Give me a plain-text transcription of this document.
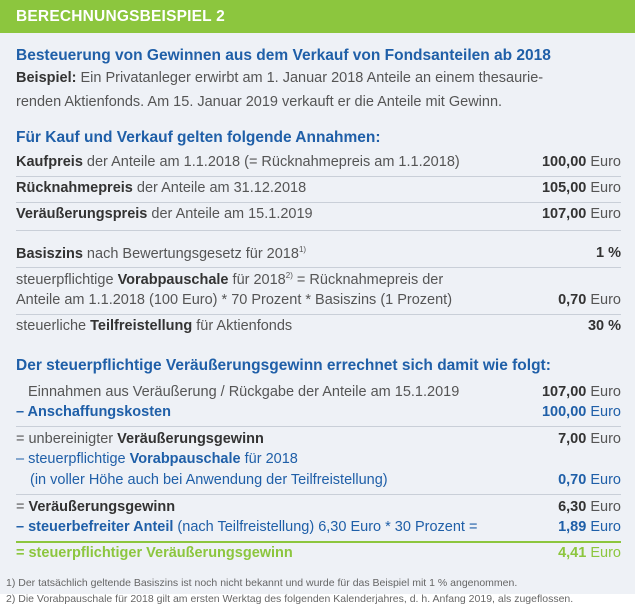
BERECHNUNGSBEISPIEL 2
Besteuerung von Gewinnen aus dem Verkauf von Fondsanteilen ab 2018
Beispiel: Ein Privatanleger erwirbt am 1. Januar 2018 Anteile an einem thesaurie-
renden Aktienfonds. Am 15. Januar 2019 verkauft er die Anteile mit Gewinn.
Für Kauf und Verkauf gelten folgende Annahmen:
Kaufpreis der Anteile am 1.1.2018 (= Rücknahmepreis am 1.1.2018)	100,00 Euro
Rücknahmepreis der Anteile am 31.12.2018	105,00 Euro
Veräußerungspreis der Anteile am 15.1.2019	107,00 Euro
Basiszins nach Bewertungsgesetz für 2018$^{1)}$	1 %
steuerpflichtige Vorabpauschale für $2018^{2)}$ = Rücknahmepreis der
Anteile am 1.1.2018 (100 Euro) * 70 Prozent * Basiszins (1 Prozent)	0,70 Euro
steuerliche Teilfreistellung für Aktienfonds	30 %
Der steuerpflichtige Veräußerungsgewinn errechnet sich damit wie folgt:
Einnahmen aus Veräußerung / Rückgabe der Anteile am 15.1.2019	107,00 Euro
– Anschaffungskosten	100,00 Euro
= unbereinigter Veräußerungsgewinn	7,00 Euro
– steuerpflichtige Vorabpauschale für 2018
(in voller Höhe auch bei Anwendung der Teilfreistellung)	0,70 Euro
= Veräußerungsgewinn	6,30 Euro
– steuerbefreiter Anteil (nach Teilfreistellung) 6,30 Euro * 30 Prozent =	1,89 Euro
= steuerpflichtiger Veräußerungsgewinn	4,41 Euro
1) Der tatsächlich geltende Basiszins ist noch nicht bekannt und wurde für das Beispiel mit 1 % angenommen.
2) Die Vorabpauschale für 2018 gilt am ersten Werktag des folgenden Kalenderjahres, d. h. Anfang 2019, als zugeflossen.
